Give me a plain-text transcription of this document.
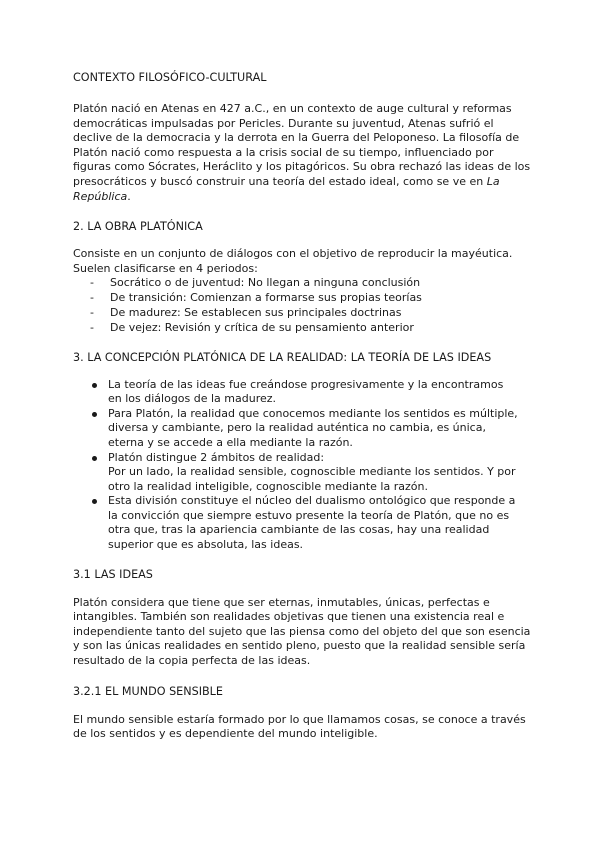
CONTEXTO FILOSÓFICO-CULTURAL

Platón nació en Atenas en 427 a.C., en un contexto de auge cultural y reformas democráticas impulsadas por Pericles. Durante su juventud, Atenas sufrió el declive de la democracia y la derrota en la Guerra del Peloponeso. La filosofía de Platón nació como respuesta a la crisis social de su tiempo, influenciado por figuras como Sócrates, Heráclito y los pitagóricos. Su obra rechazó las ideas de los presocráticos y buscó construir una teoría del estado ideal, como se ve en La República.

2. LA OBRA PLATÓNICA

Consiste en un conjunto de diálogos con el objetivo de reproducir la mayéutica. Suelen clasificarse en 4 periodos:

- Socrático o de juventud: No llegan a ninguna conclusión
- De transición: Comienzan a formarse sus propias teorías
- De madurez: Se establecen sus principales doctrinas
- De vejez: Revisión y crítica de su pensamiento anterior
3. LA CONCEPCIÓN PLATÓNICA DE LA REALIDAD: LA TEORÍA DE LAS IDEAS
La teoría de las ideas fue creándose progresivamente y la encontramos en los diálogos de la madurez.
Para Platón, la realidad que conocemos mediante los sentidos es múltiple, diversa y cambiante, pero la realidad auténtica no cambia, es única, eterna y se accede a ella mediante la razón.
Platón distingue 2 ámbitos de realidad:
Por un lado, la realidad sensible, cognoscible mediante los sentidos. Y por otro la realidad inteligible, cognoscible mediante la razón.
Esta división constituye el núcleo del dualismo ontológico que responde a la convicción que siempre estuvo presente la teoría de Platón, que no es otra que, tras la apariencia cambiante de las cosas, hay una realidad superior que es absoluta, las ideas.
3.1 LAS IDEAS

Platón considera que tiene que ser eternas, inmutables, únicas, perfectas e intangibles. También son realidades objetivas que tienen una existencia real e independiente tanto del sujeto que las piensa como del objeto del que son esencia y son las únicas realidades en sentido pleno, puesto que la realidad sensible sería resultado de la copia perfecta de las ideas.

3.2.1 EL MUNDO SENSIBLE

El mundo sensible estaría formado por lo que llamamos cosas, se conoce a través de los sentidos y es dependiente del mundo inteligible.
